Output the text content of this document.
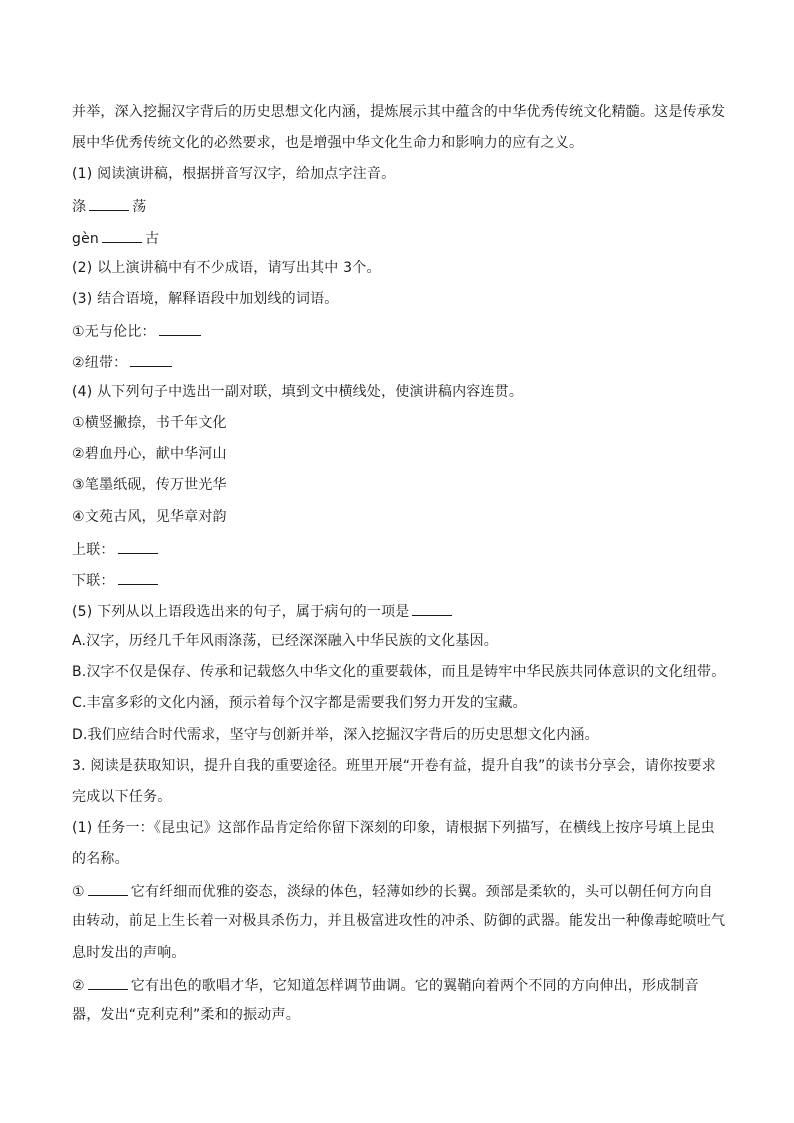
并举，深入挖掘汉字背后的历史思想文化内涵，提炼展示其中蕴含的中华优秀传统文化精髓。这是传承发
展中华优秀传统文化的必然要求，也是增强中华文化生命力和影响力的应有之义。
(1) 阅读演讲稿，根据拼音写汉字，给加点字注音。
涤	荡
gèn	古
(2) 以上演讲稿中有不少成语，请写出其中 3个。
(3) 结合语境，解释语段中加划线的词语。
①无与伦比：
②纽带：
(4) 从下列句子中选出一副对联，填到文中横线处，使演讲稿内容连贯。
①横竖撇捺，书千年文化
②碧血丹心，献中华河山
③笔墨纸砚，传万世光华
④文苑古风，见华章对韵
上联：
下联：
(5) 下列从以上语段选出来的句子，属于病句的一项是
A.汉字，历经几千年风雨涤荡，已经深深融入中华民族的文化基因。
B.汉字不仅是保存、传承和记载悠久中华文化的重要载体，而且是铸牢中华民族共同体意识的文化纽带。
C.丰富多彩的文化内涵，预示着每个汉字都是需要我们努力开发的宝藏。
D.我们应结合时代需求，坚守与创新并举，深入挖掘汉字背后的历史思想文化内涵。
3. 阅读是获取知识，提升自我的重要途径。班里开展“开卷有益，提升自我”的读书分享会，请你按要求
完成以下任务。
(1) 任务一：《昆虫记》这部作品肯定给你留下深刻的印象，请根据下列描写，在横线上按序号填上昆虫
的名称。
①	它有纤细而优雅的姿态，淡绿的体色，轻薄如纱的长翼。颈部是柔软的，头可以朝任何方向自
由转动，前足上生长着一对极具杀伤力，并且极富进攻性的冲杀、防御的武器。能发出一种像毒蛇喷吐气
息时发出的声响。
②	它有出色的歌唱才华，它知道怎样调节曲调。它的翼鞘向着两个不同的方向伸出，形成制音
器，发出“克利克利”柔和的振动声。
